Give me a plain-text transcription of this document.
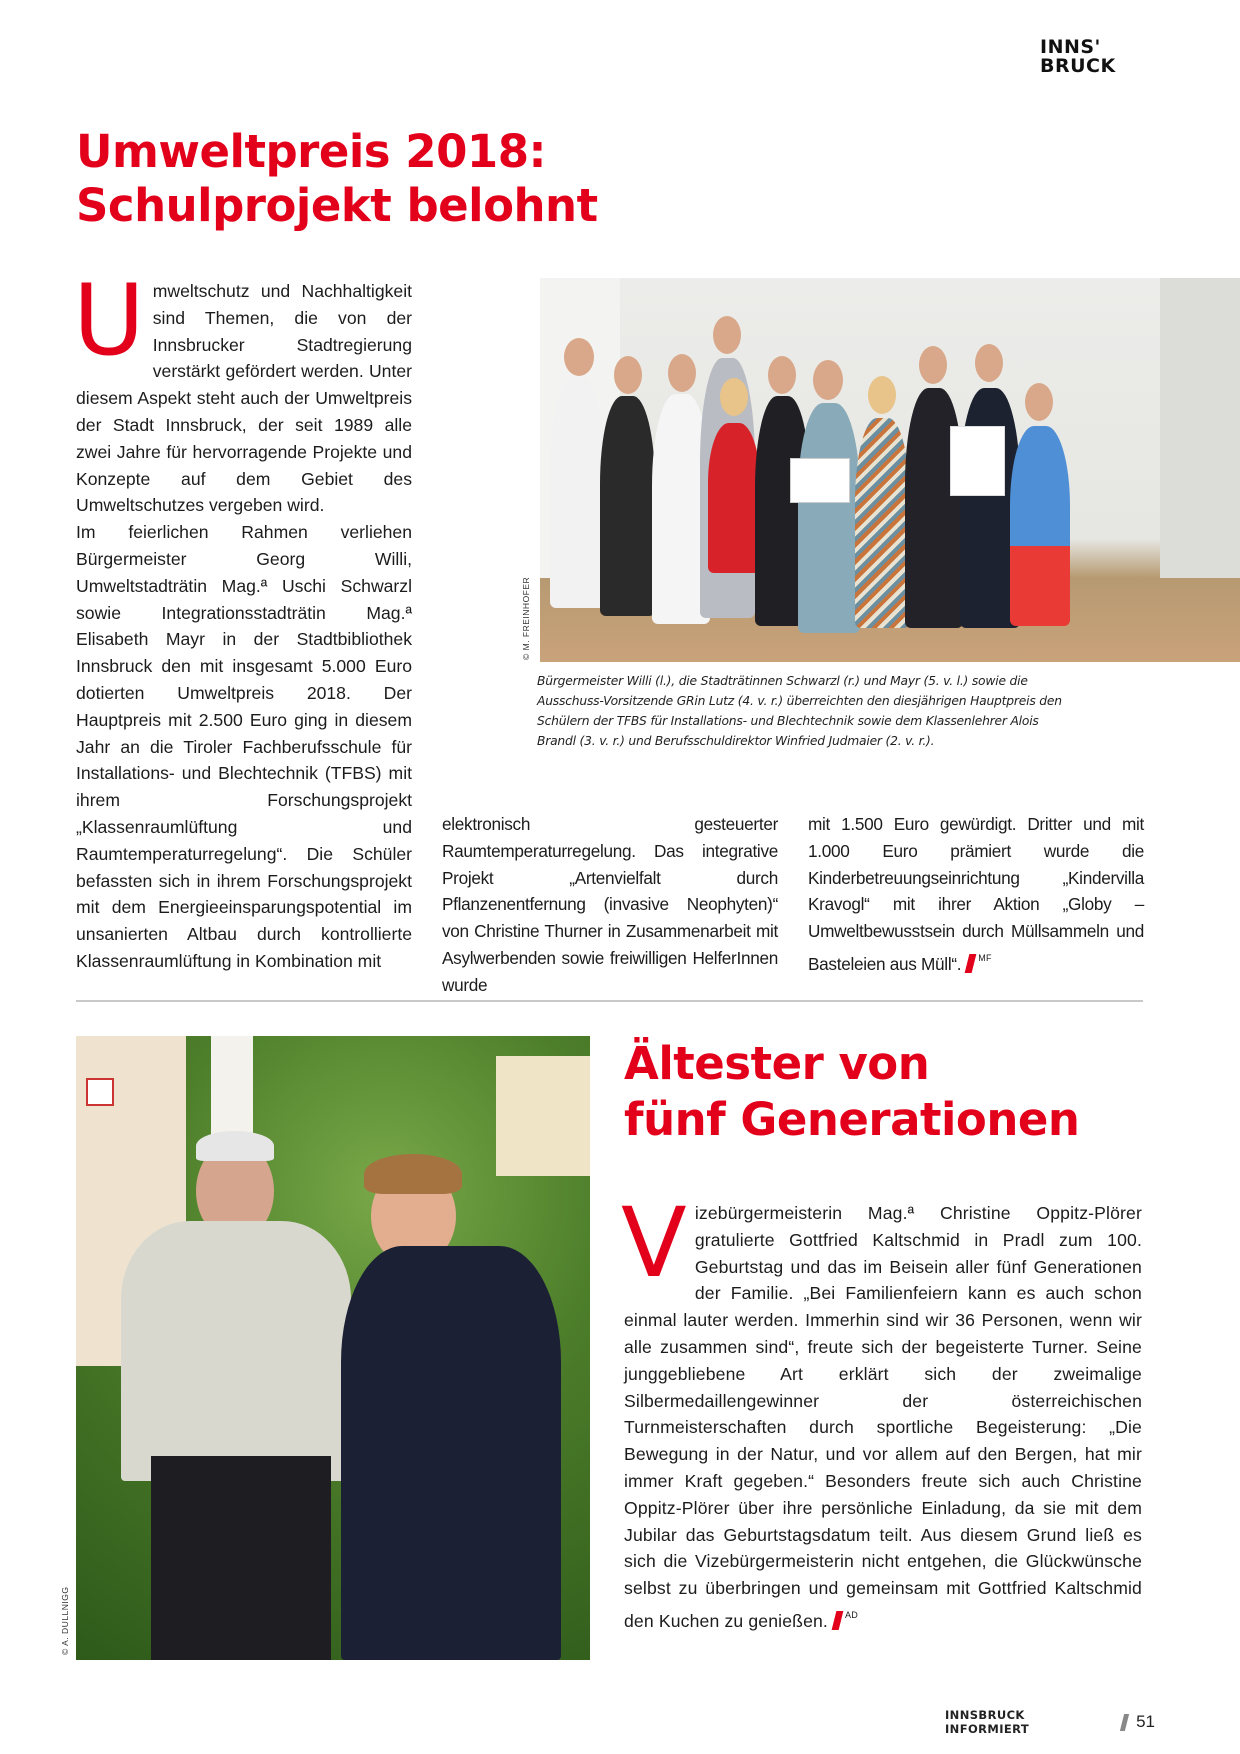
INNS'
BRUCK
Umweltpreis 2018:
Schulprojekt belohnt
U mweltschutz und Nachhaltigkeit sind Themen, die von der Innsbrucker Stadtregierung verstärkt gefördert werden. Unter diesem Aspekt steht auch der Umweltpreis der Stadt Innsbruck, der seit 1989 alle zwei Jahre für hervorragende Projekte und Konzepte auf dem Gebiet des Umweltschutzes vergeben wird.

Im feierlichen Rahmen verliehen Bürgermeister Georg Willi, Umweltstadträtin Mag.ª Uschi Schwarzl sowie Integrationsstadträtin Mag.ª Elisabeth Mayr in der Stadtbibliothek Innsbruck den mit insgesamt 5.000 Euro dotierten Umweltpreis 2018. Der Hauptpreis mit 2.500 Euro ging in diesem Jahr an die Tiroler Fachberufsschule für Installations- und Blechtechnik (TFBS) mit ihrem Forschungsprojekt „Klassenraumlüftung und Raumtemperaturregelung“. Die Schüler befassten sich in ihrem Forschungsprojekt mit dem Energieeinsparungspotential im unsanierten Altbau durch kontrollierte Klassenraumlüftung in Kombination mit

© M. FREINHOFER
Bürgermeister Willi (l.), die Stadträtinnen Schwarzl (r.) und Mayr (5. v. l.) sowie die
Ausschuss-Vorsitzende GRin Lutz (4. v. r.) überreichten den diesjährigen Hauptpreis den
Schülern der TFBS für Installations- und Blechtechnik sowie dem Klassenlehrer Alois
Brandl (3. v. r.) und Berufsschuldirektor Winfried Judmaier (2. v. r.).

elektronisch gesteuerter Raumtemperaturregelung. Das integrative Projekt „Artenvielfalt durch Pflanzenentfernung (invasive Neophyten)“ von Christine Thurner in Zusammenarbeit mit Asylwerbenden sowie freiwilligen HelferInnen wurde

mit 1.500 Euro gewürdigt. Dritter und mit 1.000 Euro prämiert wurde die Kinderbetreuungseinrichtung „Kindervilla Kravogl“ mit ihrer Aktion „Globy – Umweltbewusstsein durch Müllsammeln und Basteleien aus Müll“. $^{MF}$

© A. DULLNIGG
Ältester von
fünf Generationen
V izebürgermeisterin Mag.ª Christine Oppitz-Plörer gratulierte Gottfried Kaltschmid in Pradl zum 100. Geburtstag und das im Beisein aller fünf Generationen der Familie. „Bei Familienfeiern kann es auch schon einmal lauter werden. Immerhin sind wir 36 Personen, wenn wir alle zusammen sind“, freute sich der begeisterte Turner. Seine junggebliebene Art erklärt sich der zweimalige Silbermedaillengewinner der österreichischen Turnmeisterschaften durch sportliche Begeisterung: „Die Bewegung in der Natur, und vor allem auf den Bergen, hat mir immer Kraft gegeben.“ Besonders freute sich auch Christine Oppitz-Plörer über ihre persönliche Einladung, da sie mit dem Jubilar das Geburtstagsdatum teilt. Aus diesem Grund ließ es sich die Vizebürgermeisterin nicht entgehen, die Glückwünsche selbst zu überbringen und gemeinsam mit Gottfried Kaltschmid den Kuchen zu genießen. $^{AD}$

INNSBRUCK INFORMIERT	51
